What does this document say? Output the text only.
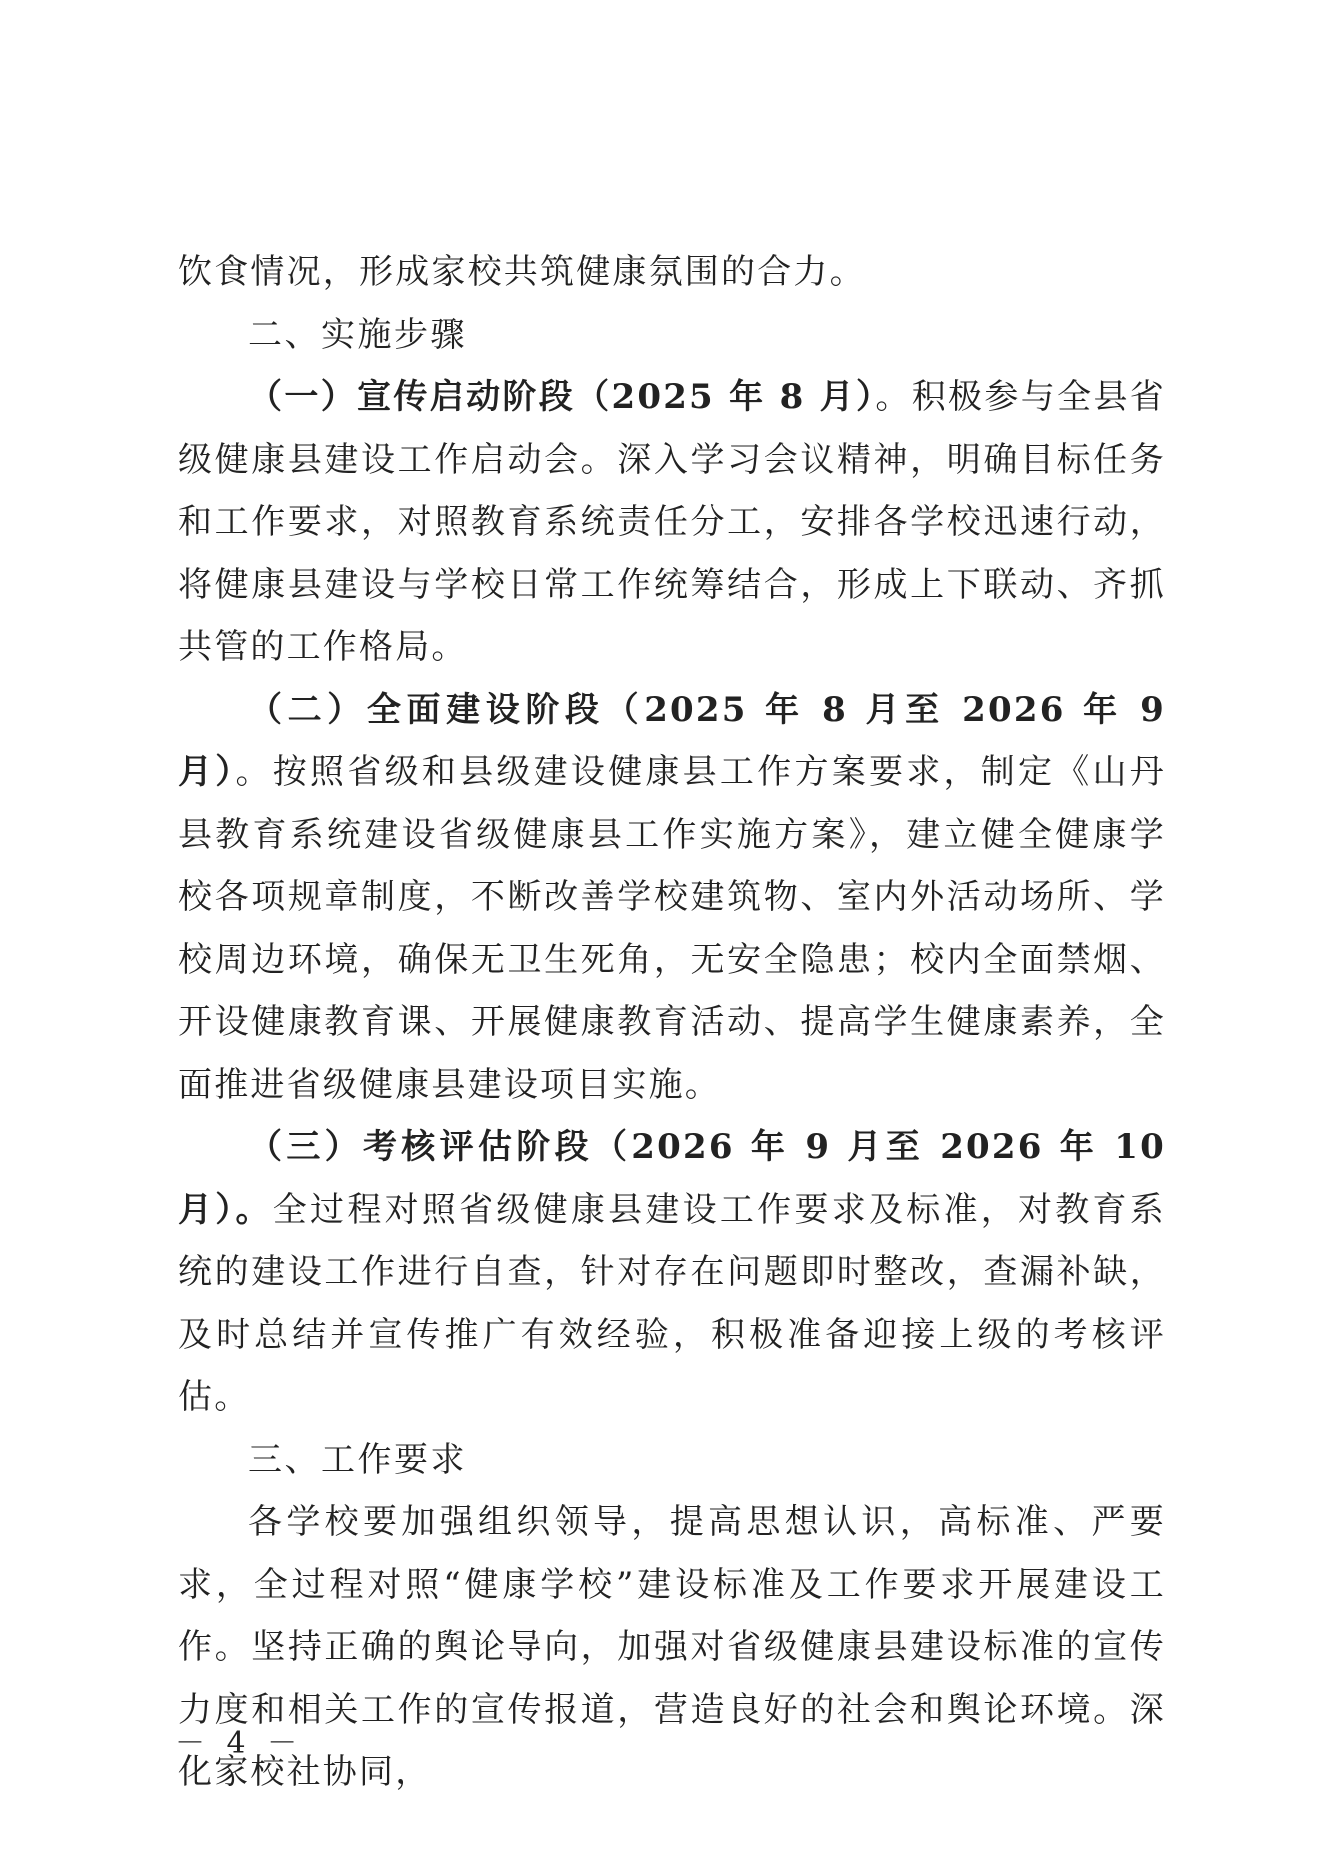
饮食情况，形成家校共筑健康氛围的合力。

二、实施步骤

（一）宣传启动阶段（2025 年 8 月）。积极参与全县省级健康县建设工作启动会。深入学习会议精神，明确目标任务和工作要求，对照教育系统责任分工，安排各学校迅速行动，将健康县建设与学校日常工作统筹结合，形成上下联动、齐抓共管的工作格局。

（二）全面建设阶段（2025 年 8 月至 2026 年 9 月）。按照省级和县级建设健康县工作方案要求，制定《山丹县教育系统建设省级健康县工作实施方案》，建立健全健康学校各项规章制度，不断改善学校建筑物、室内外活动场所、学校周边环境，确保无卫生死角，无安全隐患；校内全面禁烟、开设健康教育课、开展健康教育活动、提高学生健康素养，全面推进省级健康县建设项目实施。

（三）考核评估阶段（2026 年 9 月至 2026 年 10 月）。全过程对照省级健康县建设工作要求及标准，对教育系统的建设工作进行自查，针对存在问题即时整改，查漏补缺，及时总结并宣传推广有效经验，积极准备迎接上级的考核评估。

三、工作要求

各学校要加强组织领导，提高思想认识，高标准、严要求，全过程对照“健康学校”建设标准及工作要求开展建设工作。坚持正确的舆论导向，加强对省级健康县建设标准的宣传力度和相关工作的宣传报道，营造良好的社会和舆论环境。深化家校社协同，

－ 4 －
